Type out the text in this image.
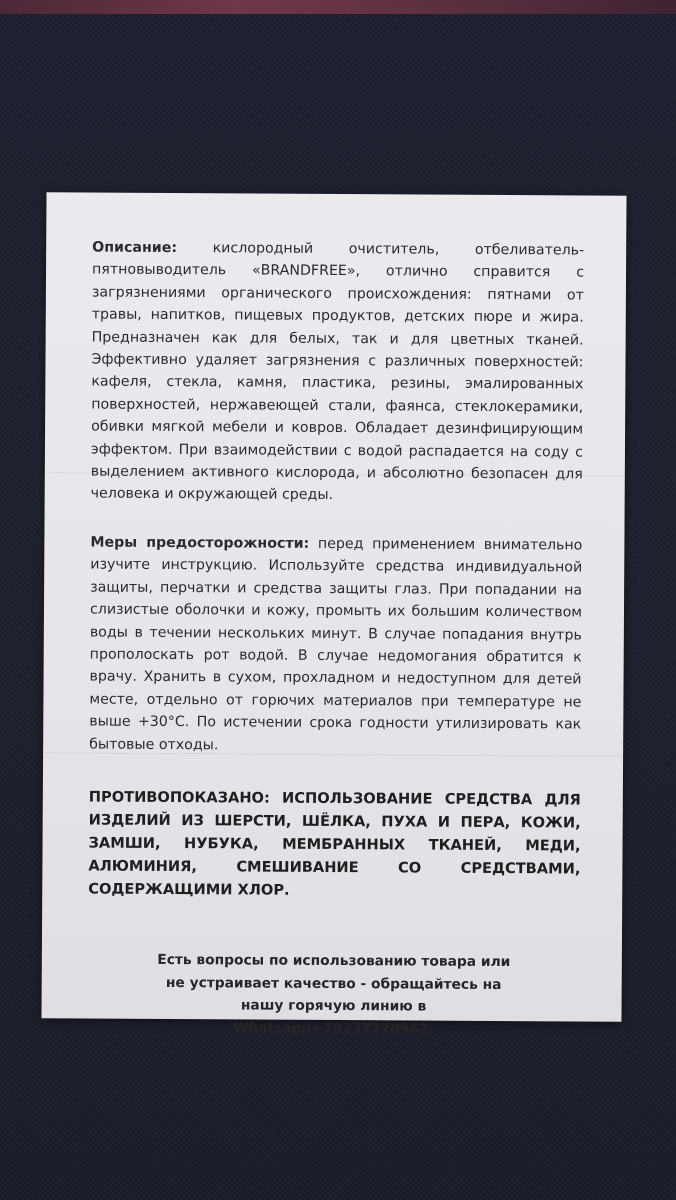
Описание:	кислородный очиститель, отбеливатель-пятновыводитель «BRANDFREE», отлично справится с загрязнениями органического происхождения: пятнами от травы, напитков, пищевых продуктов, детских пюре и жира. Предназначен как для белых, так и для цветных тканей. Эффективно удаляет загрязнения с различных поверхностей: кафеля, стекла, камня, пластика, резины, эмалированных поверхностей, нержавеющей стали, фаянса, стеклокерамики, обивки мягкой мебели и ковров. Обладает дезинфицирующим эффектом. При взаимодействии с водой распадается на соду с выделением активного кислорода, и абсолютно безопасен для человека и окружающей среды.

Меры предосторожности: перед применением внимательно изучите инструкцию. Используйте средства индивидуальной защиты, перчатки и средства защиты глаз. При попадании на слизистые оболочки и кожу, промыть их большим количеством воды в течении нескольких минут. В случае попадания внутрь прополоскать рот водой. В случае недомогания обратится к врачу. Хранить в сухом, прохладном и недоступном для детей месте, отдельно от горючих материалов при температуре не выше +30°С. По истечении срока годности утилизировать как бытовые отходы.

ПРОТИВОПОКАЗАНО: ИСПОЛЬЗОВАНИЕ СРЕДСТВА ДЛЯ ИЗДЕЛИЙ ИЗ ШЕРСТИ, ШЁЛКА, ПУХА И ПЕРА, КОЖИ, ЗАМШИ, НУБУКА, МЕМБРАННЫХ ТКАНЕЙ, МЕДИ, АЛЮМИНИЯ, СМЕШИВАНИЕ СО СРЕДСТВАМИ, СОДЕРЖАЩИМИ ХЛОР.

Есть вопросы по использованию товара или не устраивает качество - обращайтесь на нашу горячую линию в Whatsapp+79237270962.
